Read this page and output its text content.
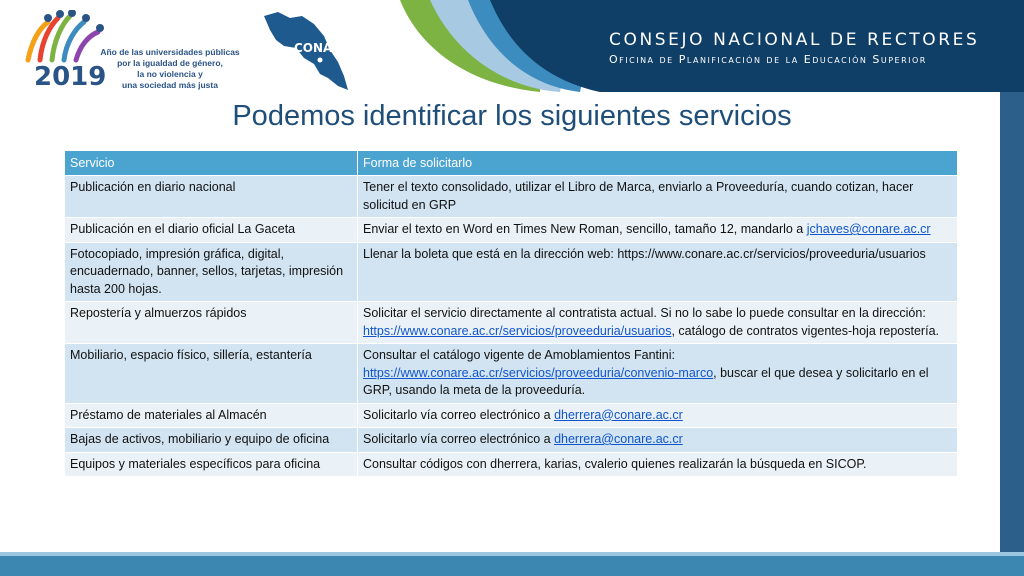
CONSEJO NACIONAL DE RECTORES
Oficina de Planificación de la Educación Superior
2019
Año de las universidades públicas
por la igualdad de género,
la no violencia y
una sociedad más justa
CONARE
Podemos identificar los siguientes servicios
Servicio	Forma de solicitarlo
Publicación en diario nacional	Tener el texto consolidado, utilizar el Libro de Marca, enviarlo a Proveeduría, cuando cotizan, hacer solicitud en GRP
Publicación en el diario oficial La Gaceta	Enviar el texto en Word en Times New Roman, sencillo, tamaño 12, mandarlo a jchaves@conare.ac.cr
Fotocopiado, impresión gráfica, digital, encuadernado, banner, sellos, tarjetas, impresión hasta 200 hojas.	Llenar la boleta que está en la dirección web: https://www.conare.ac.cr/servicios/proveeduria/usuarios
Repostería y almuerzos rápidos	Solicitar el servicio directamente al contratista actual. Si no lo sabe lo puede consultar en la dirección: https://www.conare.ac.cr/servicios/proveeduria/usuarios, catálogo de contratos vigentes-hoja repostería.
Mobiliario, espacio físico, sillería, estantería	Consultar el catálogo vigente de Amoblamientos Fantini: https://www.conare.ac.cr/servicios/proveeduria/convenio-marco, buscar el que desea y solicitarlo en el GRP, usando la meta de la proveeduría.
Préstamo de materiales al Almacén	Solicitarlo vía correo electrónico a dherrera@conare.ac.cr
Bajas de activos, mobiliario y equipo de oficina	Solicitarlo vía correo electrónico a dherrera@conare.ac.cr
Equipos y materiales específicos para oficina	Consultar códigos con dherrera, karias, cvalerio quienes realizarán la búsqueda en SICOP.
